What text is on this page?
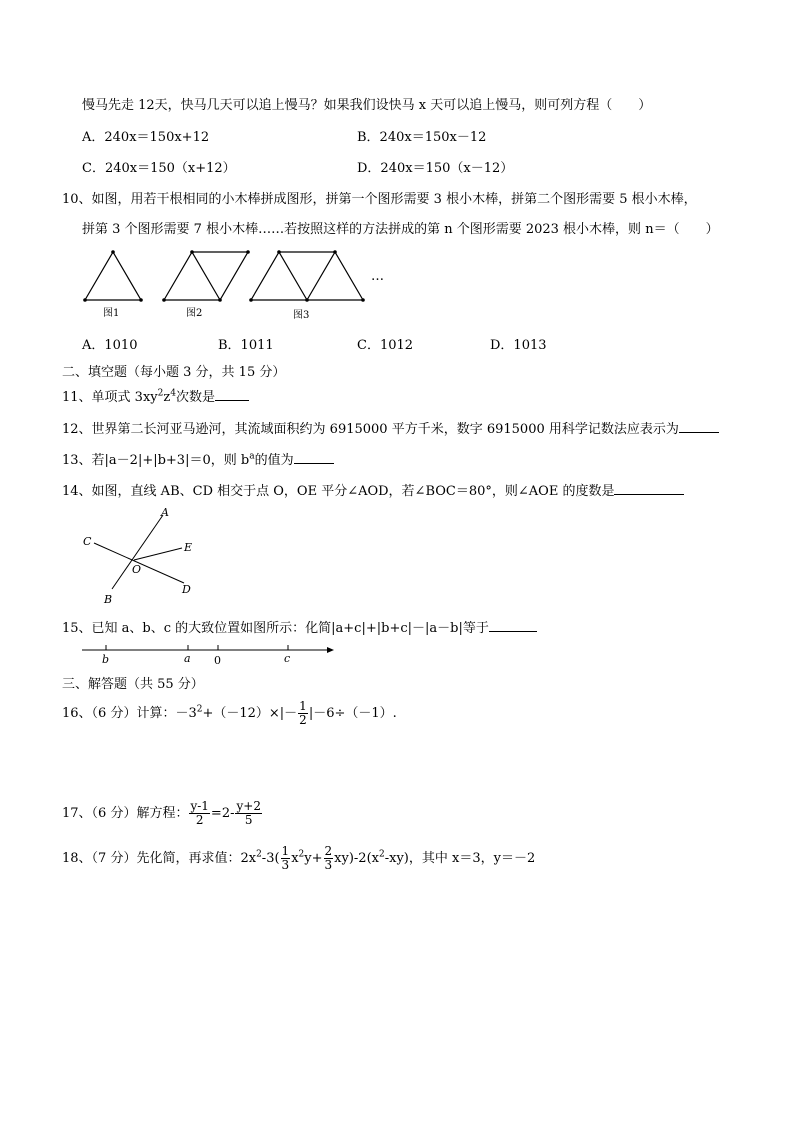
慢马先走 12天，快马几天可以追上慢马？如果我们设快马 x 天可以追上慢马，则可列方程（　　）
A．240x＝150x+12	B．240x＝150x－12
C．240x＝150（x+12）	D．240x＝150（x－12）
10、如图，用若干根相同的小木棒拼成图形，拼第一个图形需要 3 根小木棒，拼第二个图形需要 5 根小木棒，
拼第 3 个图形需要 7 根小木棒……若按照这样的方法拼成的第 n 个图形需要 2023 根小木棒，则 n＝（　　）
图1	图2	图3
…
A．1010	B．1011	C．1012	D．1013
二、填空题（每小题 3 分，共 15 分）
11、单项式 $3xy^2z^4$次数是
12、世界第二长河亚马逊河，其流域面积约为 6915000 平方千米，数字 6915000 用科学记数法应表示为
13、若|a－2|+|b+3|＝0，则 $b^a$的值为
14、如图，直线 AB、CD 相交于点 O，OE 平分∠AOD，若∠BOC＝80°，则∠AOE 的度数是
A
C	E
O
B
D
15、已知 a、b、c 的大致位置如图所示：化简|a+c|+|b+c|－|a－b|等于
b	a 0	c
三、解答题（共 55 分）
16、（6 分）计算：$-3^2+(-12)\times|- \frac{1}{2} |-6\div(-1)$.
17、（6 分）解方程： $\frac{y-1}{2} =2- \frac{y+2}{5}$
18、（7 分）先化简，再求值：$2x^2-3( \frac{1}{3} x^2y+ \frac{2}{3} xy)-2(x^2-xy)$，其中 x＝3，y＝－2
